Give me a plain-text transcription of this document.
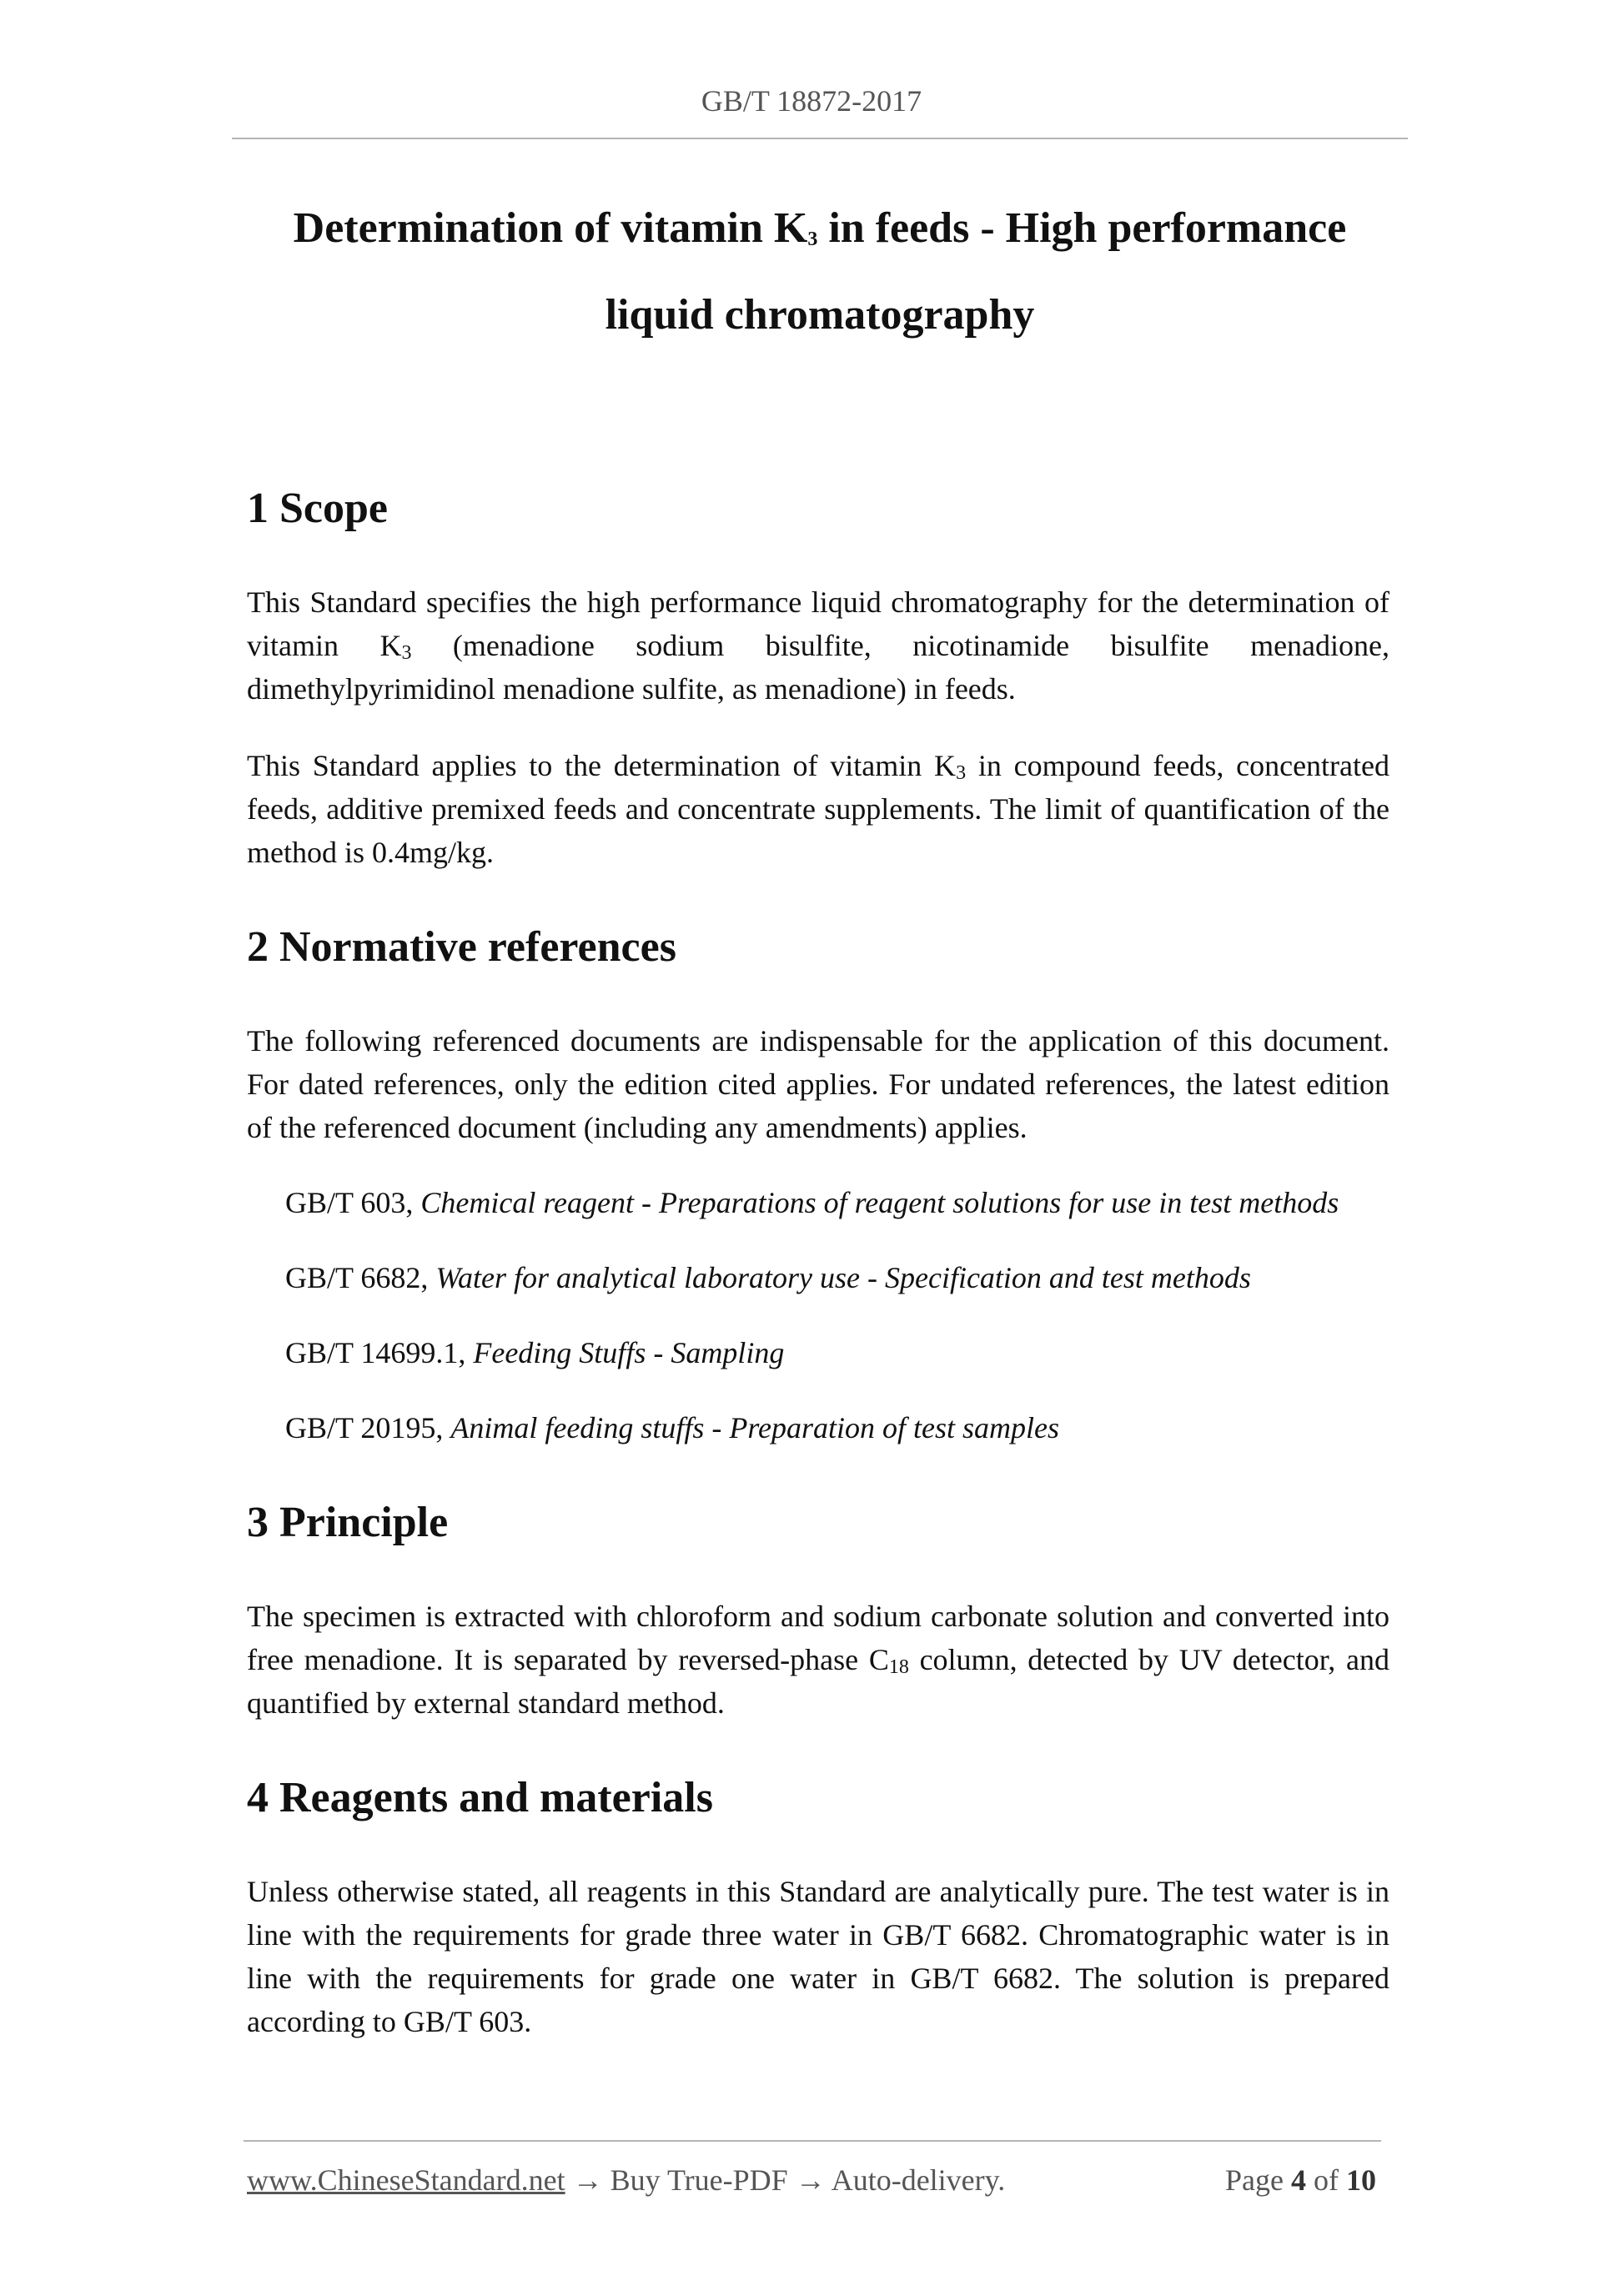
GB/T 18872-2017
Determination of vitamin $K_3$ in feeds - High performance
liquid chromatography
1 Scope

This Standard specifies the high performance liquid chromatography for the determination of vitamin $K_3$ (menadione sodium bisulfite, nicotinamide bisulfite menadione, dimethylpyrimidinol menadione sulfite, as menadione) in feeds.

This Standard applies to the determination of vitamin $K_3$ in compound feeds, concentrated feeds, additive premixed feeds and concentrate supplements. The limit of quantification of the method is 0.4mg/kg.

2 Normative references

The following referenced documents are indispensable for the application of this document. For dated references, only the edition cited applies. For undated references, the latest edition of the referenced document (including any amendments) applies.

GB/T 603, Chemical reagent - Preparations of reagent solutions for use in test methods

GB/T 6682, Water for analytical laboratory use - Specification and test methods

GB/T 14699.1, Feeding Stuffs - Sampling

GB/T 20195, Animal feeding stuffs - Preparation of test samples

3 Principle

The specimen is extracted with chloroform and sodium carbonate solution and converted into free menadione. It is separated by reversed-phase $C_{18}$ column, detected by UV detector, and quantified by external standard method.

4 Reagents and materials

Unless otherwise stated, all reagents in this Standard are analytically pure. The test water is in line with the requirements for grade three water in GB/T 6682. Chromatographic water is in line with the requirements for grade one water in GB/T 6682. The solution is prepared according to GB/T 603.

www.ChineseStandard.net → Buy True-PDF → Auto-delivery.	Page 4 of 10
